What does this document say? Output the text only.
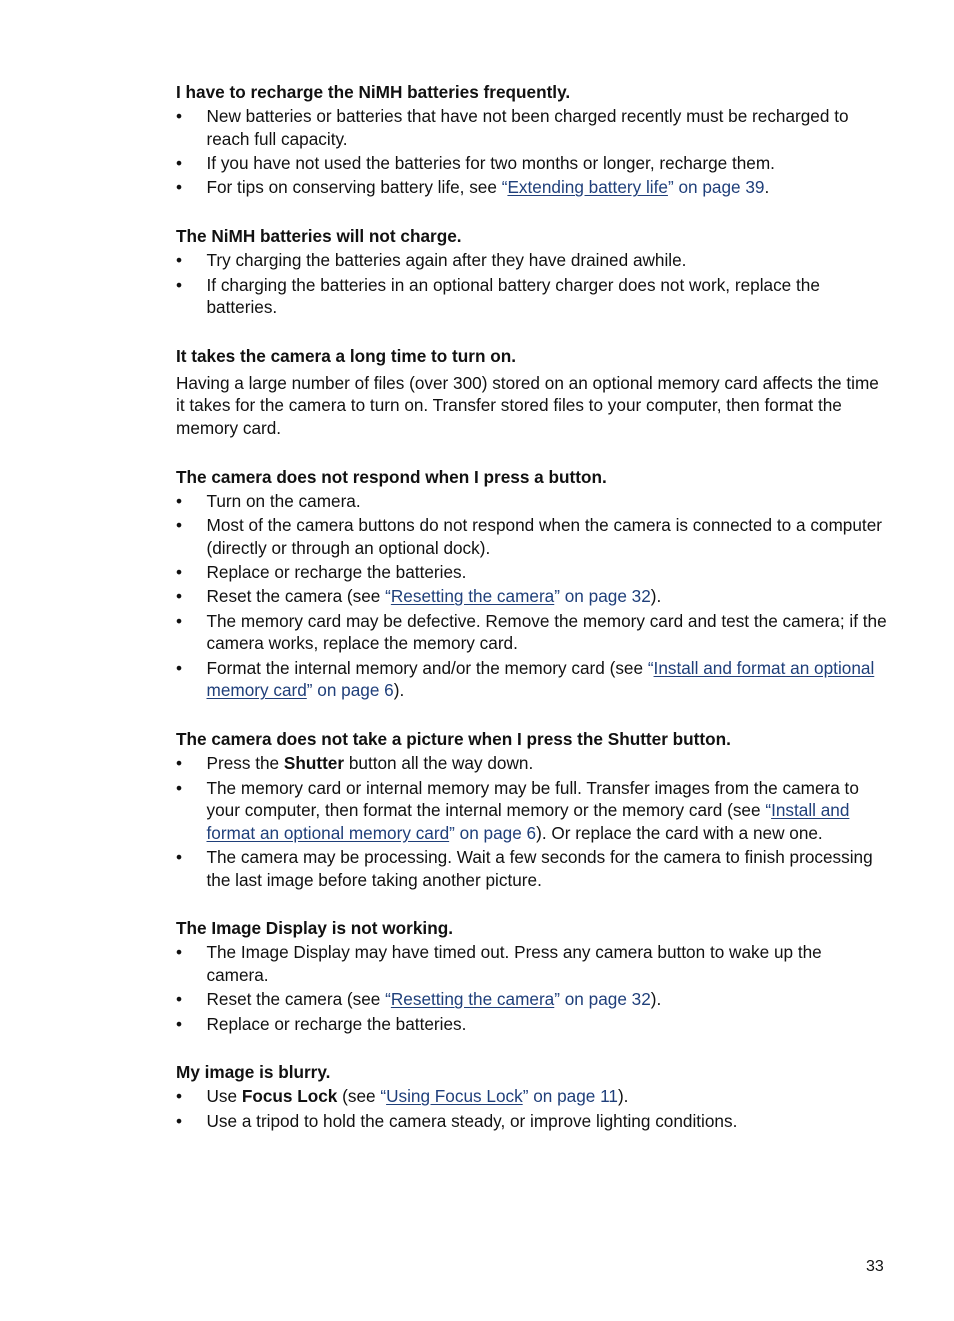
I have to recharge the NiMH batteries frequently.
• New batteries or batteries that have not been charged recently must be recharged to reach full capacity.
• If you have not used the batteries for two months or longer, recharge them.
• For tips on conserving battery life, see “Extending battery life” on page 39.
The NiMH batteries will not charge.
• Try charging the batteries again after they have drained awhile.
• If charging the batteries in an optional battery charger does not work, replace the batteries.
It takes the camera a long time to turn on.
Having a large number of files (over 300) stored on an optional memory card affects the time it takes for the camera to turn on. Transfer stored files to your computer, then format the memory card.
The camera does not respond when I press a button.
• Turn on the camera.
• Most of the camera buttons do not respond when the camera is connected to a computer (directly or through an optional dock).
• Replace or recharge the batteries.
• Reset the camera (see “Resetting the camera” on page 32).
• The memory card may be defective. Remove the memory card and test the camera; if the camera works, replace the memory card.
• Format the internal memory and/or the memory card (see “Install and format an optional memory card” on page 6).
The camera does not take a picture when I press the Shutter button.
• Press the Shutter button all the way down.
• The memory card or internal memory may be full. Transfer images from the camera to your computer, then format the internal memory or the memory card (see “Install and format an optional memory card” on page 6). Or replace the card with a new one.
• The camera may be processing. Wait a few seconds for the camera to finish processing the last image before taking another picture.
The Image Display is not working.
• The Image Display may have timed out. Press any camera button to wake up the camera.
• Reset the camera (see “Resetting the camera” on page 32).
• Replace or recharge the batteries.
My image is blurry.
• Use Focus Lock (see “Using Focus Lock” on page 11).
• Use a tripod to hold the camera steady, or improve lighting conditions.
33
